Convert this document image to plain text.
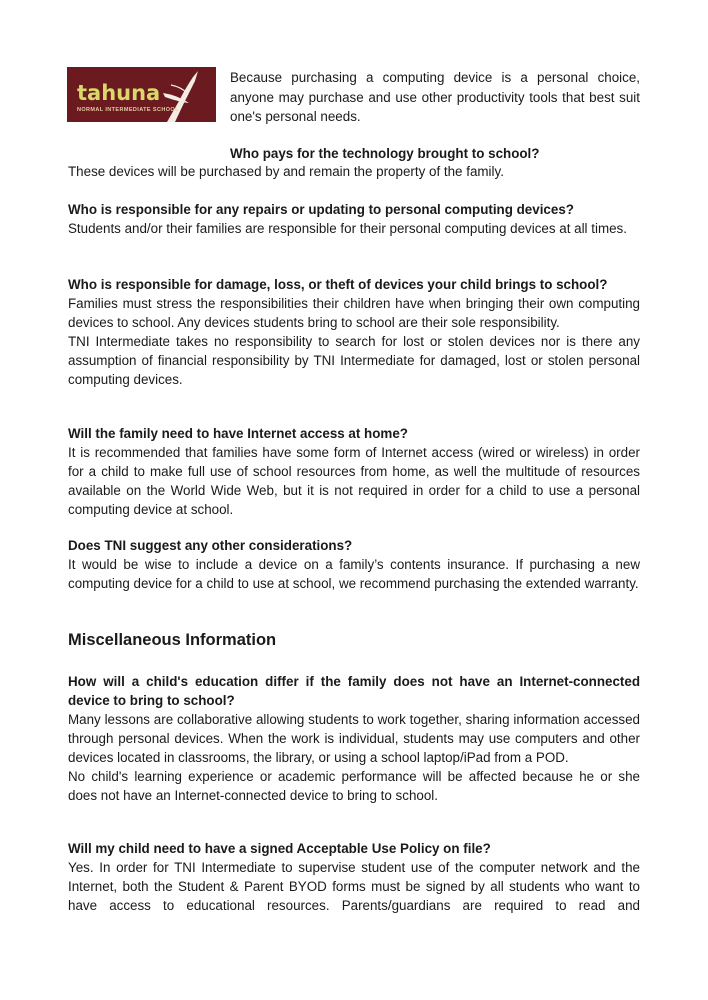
tahuna
NORMAL INTERMEDIATE SCHOOL

Because purchasing a computing device is a personal choice, anyone may purchase and use other productivity tools that best suit one's personal needs.

Who pays for the technology brought to school?

These devices will be purchased by and remain the property of the family.

Who is responsible for any repairs or updating to personal computing devices?

Students and/or their families are responsible for their personal computing devices at all times.

Who is responsible for damage, loss, or theft of devices your child brings to school?

Families must stress the responsibilities their children have when bringing their own computing devices to school. Any devices students bring to school are their sole responsibility.

TNI Intermediate takes no responsibility to search for lost or stolen devices nor is there any assumption of financial responsibility by TNI Intermediate for damaged, lost or stolen personal computing devices.

Will the family need to have Internet access at home?

It is recommended that families have some form of Internet access (wired or wireless) in order for a child to make full use of school resources from home, as well the multitude of resources available on the World Wide Web, but it is not required in order for a child to use a personal computing device at school.

Does TNI suggest any other considerations?

It would be wise to include a device on a family’s contents insurance. If purchasing a new computing device for a child to use at school, we recommend purchasing the extended warranty.

Miscellaneous Information
How will a child's education differ if the family does not have an Internet-connected device to bring to school?

Many lessons are collaborative allowing students to work together, sharing information accessed through personal devices. When the work is individual, students may use computers and other devices located in classrooms, the library, or using a school laptop/iPad from a POD.

No child's learning experience or academic performance will be affected because he or she does not have an Internet-connected device to bring to school.

Will my child need to have a signed Acceptable Use Policy on file?

Yes. In order for TNI Intermediate to supervise student use of the computer network and the Internet, both the Student & Parent BYOD forms must be signed by all students who want to have access to educational resources. Parents/guardians are required to read and
